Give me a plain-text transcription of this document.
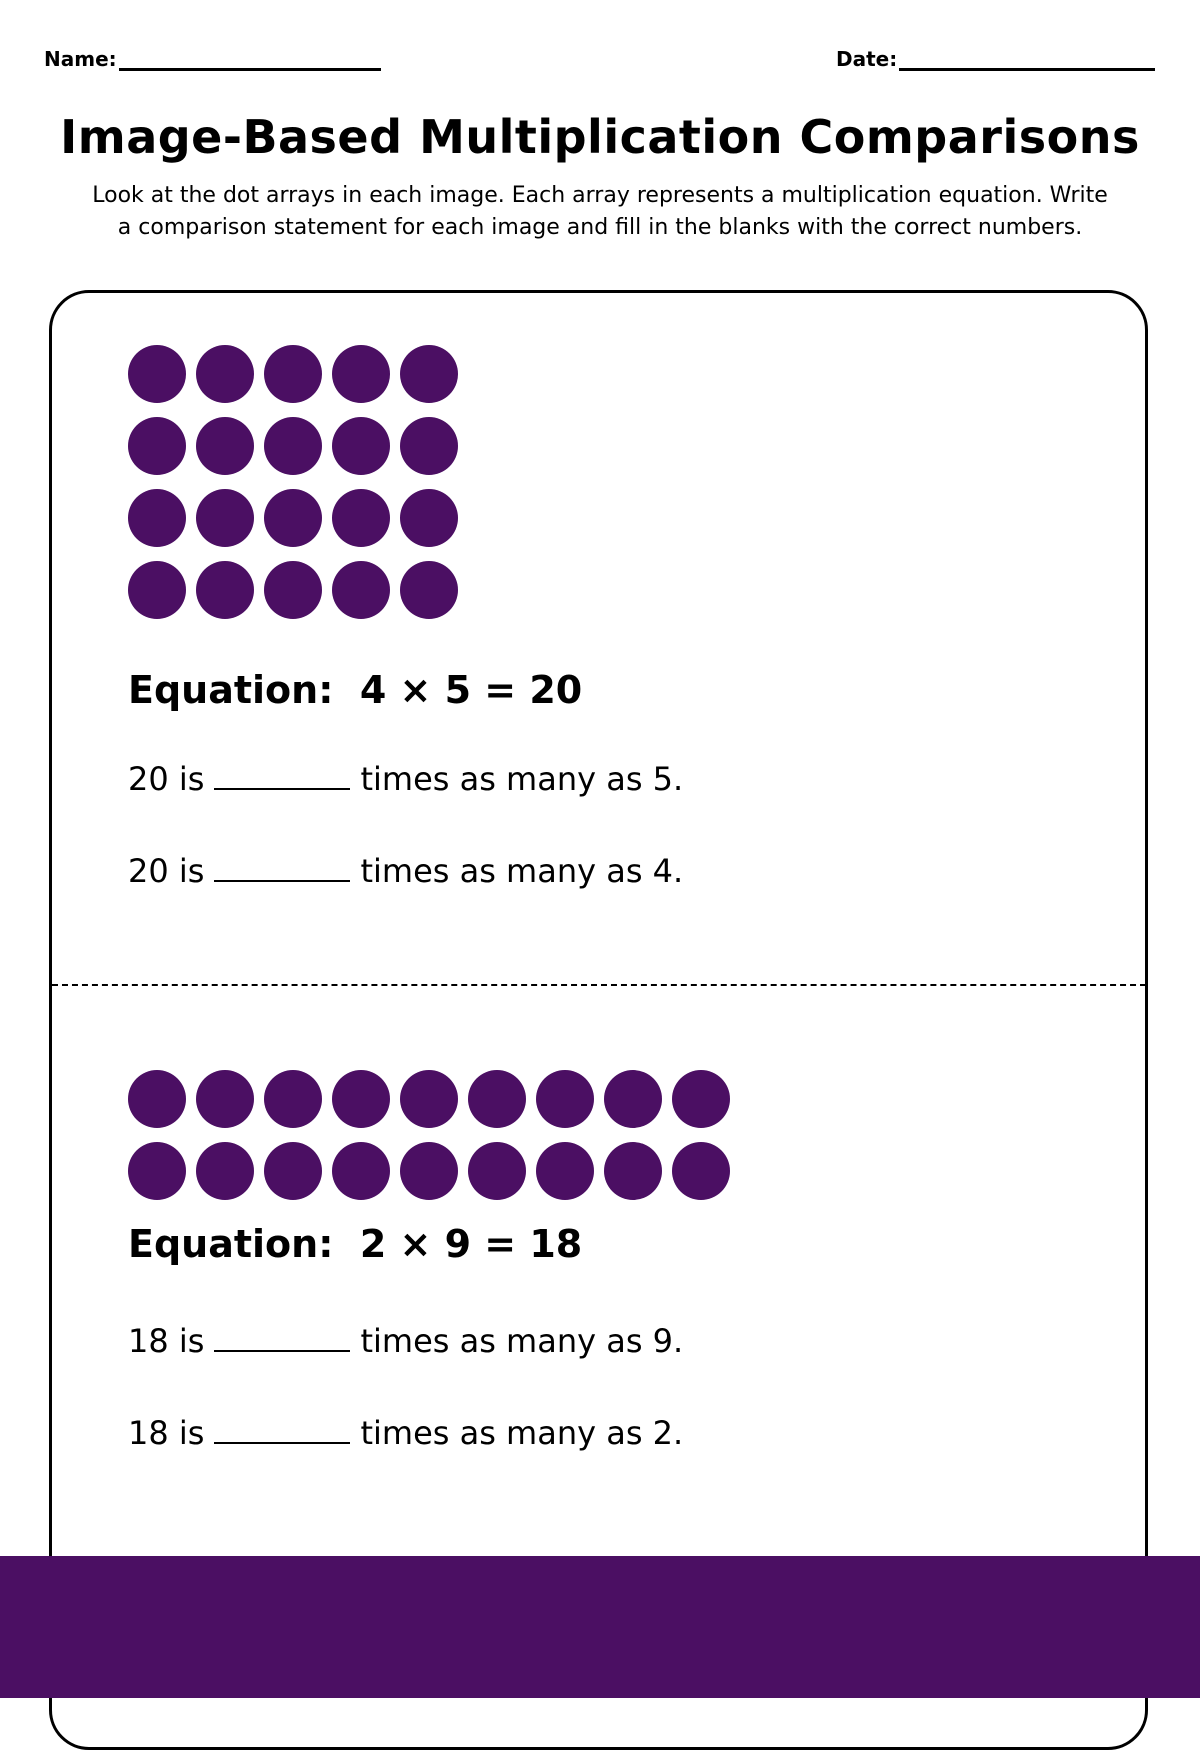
Name:	Date:
Image-Based Multiplication Comparisons
Look at the dot arrays in each image. Each array represents a multiplication equation. Write a comparison statement for each image and fill in the blanks with the correct numbers.
Equation:  4 × 5 = 20
20 is	times as many as 5.
20 is	times as many as 4.
Equation:  2 × 9 = 18
18 is	times as many as 9.
18 is	times as many as 2.
